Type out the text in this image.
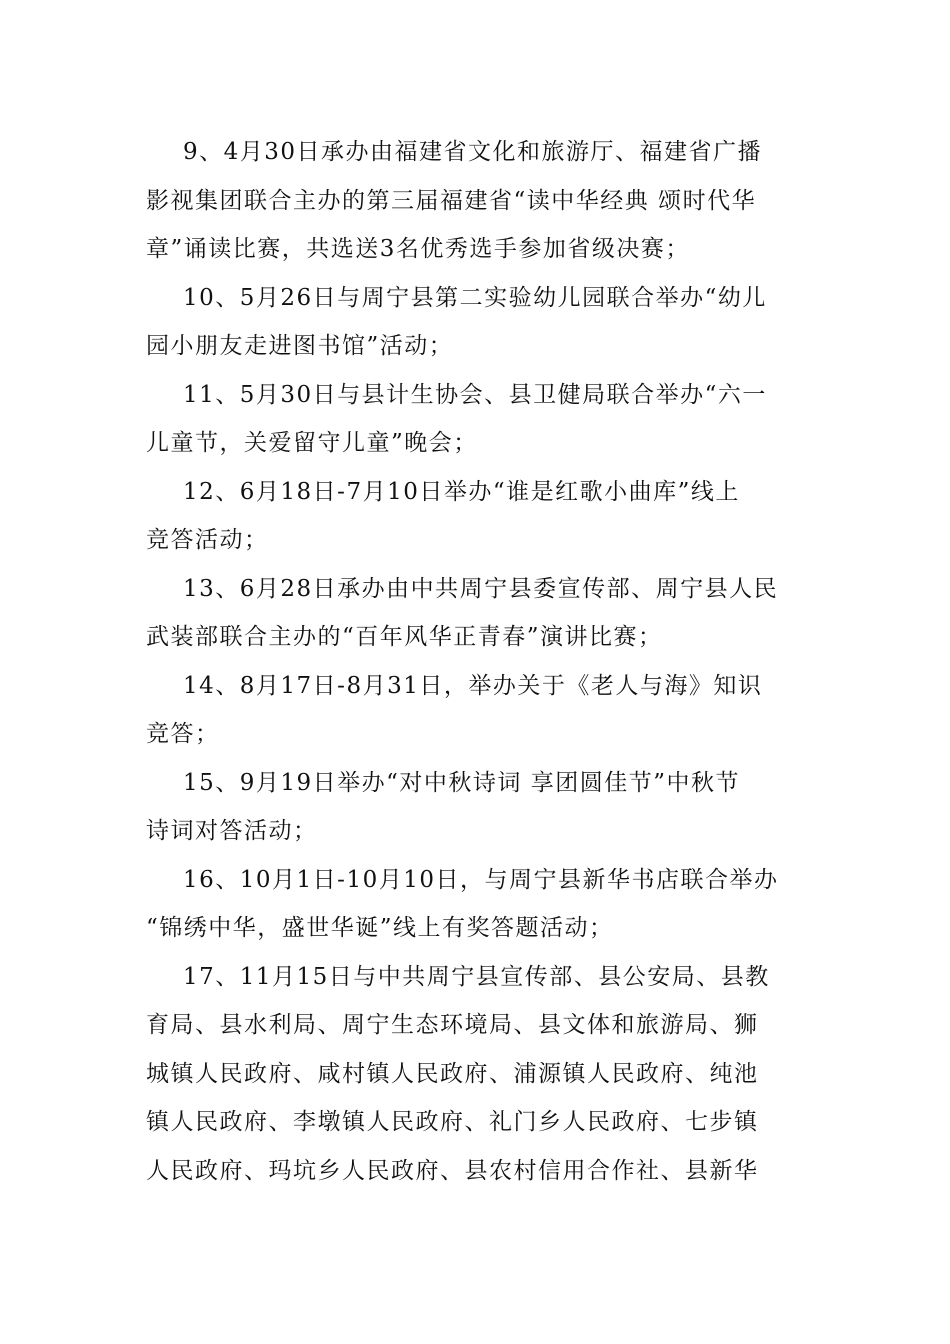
9、4月30日承办由福建省文化和旅游厅、福建省广播
影视集团联合主办的第三届福建省“读中华经典 颂时代华
章”诵读比赛，共选送3名优秀选手参加省级决赛；
10、5月26日与周宁县第二实验幼儿园联合举办“幼儿
园小朋友走进图书馆”活动；
11、5月30日与县计生协会、县卫健局联合举办“六一
儿童节，关爱留守儿童”晚会；
12、6月18日-7月10日举办“谁是红歌小曲库”线上
竞答活动；
13、6月28日承办由中共周宁县委宣传部、周宁县人民
武装部联合主办的“百年风华正青春”演讲比赛；
14、8月17日-8月31日，举办关于《老人与海》知识
竞答；
15、9月19日举办“对中秋诗词 享团圆佳节”中秋节
诗词对答活动；
16、10月1日-10月10日，与周宁县新华书店联合举办
“锦绣中华，盛世华诞”线上有奖答题活动；
17、11月15日与中共周宁县宣传部、县公安局、县教
育局、县水利局、周宁生态环境局、县文体和旅游局、狮
城镇人民政府、咸村镇人民政府、浦源镇人民政府、纯池
镇人民政府、李墩镇人民政府、礼门乡人民政府、七步镇
人民政府、玛坑乡人民政府、县农村信用合作社、县新华
